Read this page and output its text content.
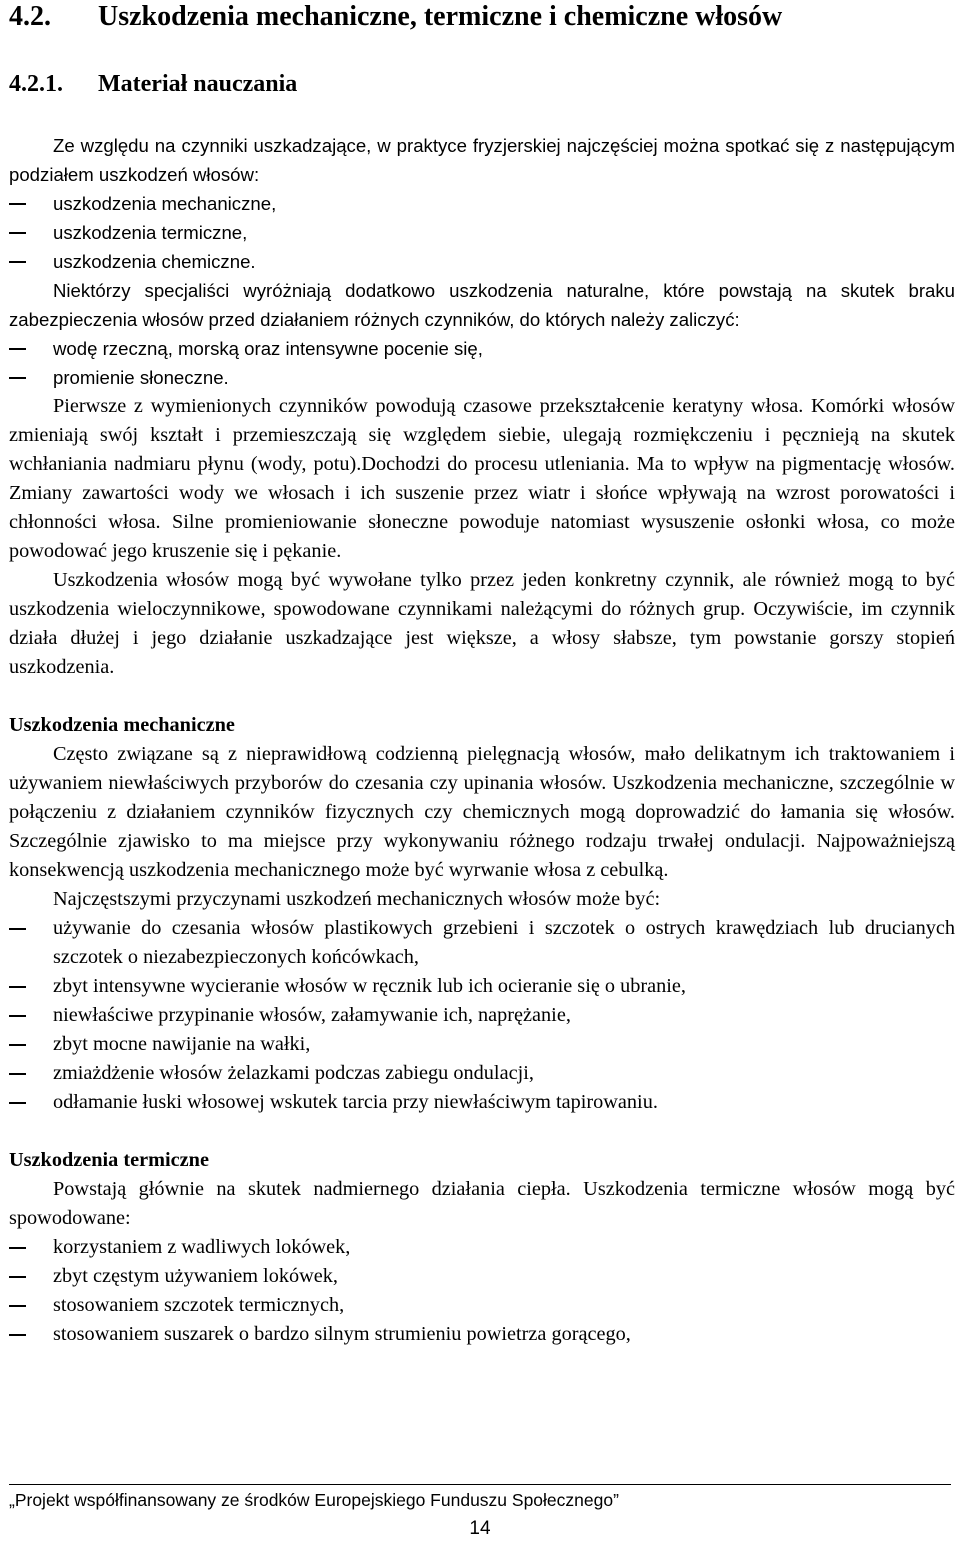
4.2. Uszkodzenia mechaniczne, termiczne i chemiczne włosów
4.2.1. Materiał nauczania

Ze względu na czynniki uszkadzające, w praktyce fryzjerskiej najczęściej można spotkać się z następującym podziałem uszkodzeń włosów:

uszkodzenia mechaniczne,
uszkodzenia termiczne,
uszkodzenia chemiczne.

Niektórzy specjaliści wyróżniają dodatkowo uszkodzenia naturalne, które powstają na skutek braku zabezpieczenia włosów przed działaniem różnych czynników, do których należy zaliczyć:

wodę rzeczną, morską oraz intensywne pocenie się,
promienie słoneczne.

Pierwsze z wymienionych czynników powodują czasowe przekształcenie keratyny włosa. Komórki włosów zmieniają swój kształt i przemieszczają się względem siebie, ulegają rozmiękczeniu i pęcznieją na skutek wchłaniania nadmiaru płynu (wody, potu).Dochodzi do procesu utleniania. Ma to wpływ na pigmentację włosów. Zmiany zawartości wody we włosach i ich suszenie przez wiatr i słońce wpływają na wzrost porowatości i chłonności włosa. Silne promieniowanie słoneczne powoduje natomiast wysuszenie osłonki włosa, co może powodować jego kruszenie się i pękanie.

Uszkodzenia włosów mogą być wywołane tylko przez jeden konkretny czynnik, ale również mogą to być uszkodzenia wieloczynnikowe, spowodowane czynnikami należącymi do różnych grup. Oczywiście, im czynnik działa dłużej i jego działanie uszkadzające jest większe, a włosy słabsze, tym powstanie gorszy stopień uszkodzenia.

Uszkodzenia mechaniczne

Często związane są z nieprawidłową codzienną pielęgnacją włosów, mało delikatnym ich traktowaniem i używaniem niewłaściwych przyborów do czesania czy upinania włosów. Uszkodzenia mechaniczne, szczególnie w połączeniu z działaniem czynników fizycznych czy chemicznych mogą doprowadzić do łamania się włosów. Szczególnie zjawisko to ma miejsce przy wykonywaniu różnego rodzaju trwałej ondulacji. Najpoważniejszą konsekwencją uszkodzenia mechanicznego może być wyrwanie włosa z cebulką.

Najczęstszymi przyczynami uszkodzeń mechanicznych włosów może być:

używanie do czesania włosów plastikowych grzebieni i szczotek o ostrych krawędziach lub drucianych szczotek o niezabezpieczonych końcówkach,
zbyt intensywne wycieranie włosów w ręcznik lub ich ocieranie się o ubranie,
niewłaściwe przypinanie włosów, załamywanie ich, naprężanie,
zbyt mocne nawijanie na wałki,
zmiażdżenie włosów żelazkami podczas zabiegu ondulacji,
odłamanie łuski włosowej wskutek tarcia przy niewłaściwym tapirowaniu.

Uszkodzenia termiczne

Powstają głównie na skutek nadmiernego działania ciepła. Uszkodzenia termiczne włosów mogą być spowodowane:

korzystaniem z wadliwych lokówek,
zbyt częstym używaniem lokówek,
stosowaniem szczotek termicznych,
stosowaniem suszarek o bardzo silnym strumieniu powietrza gorącego,
„Projekt współfinansowany ze środków Europejskiego Funduszu Społecznego”
14
